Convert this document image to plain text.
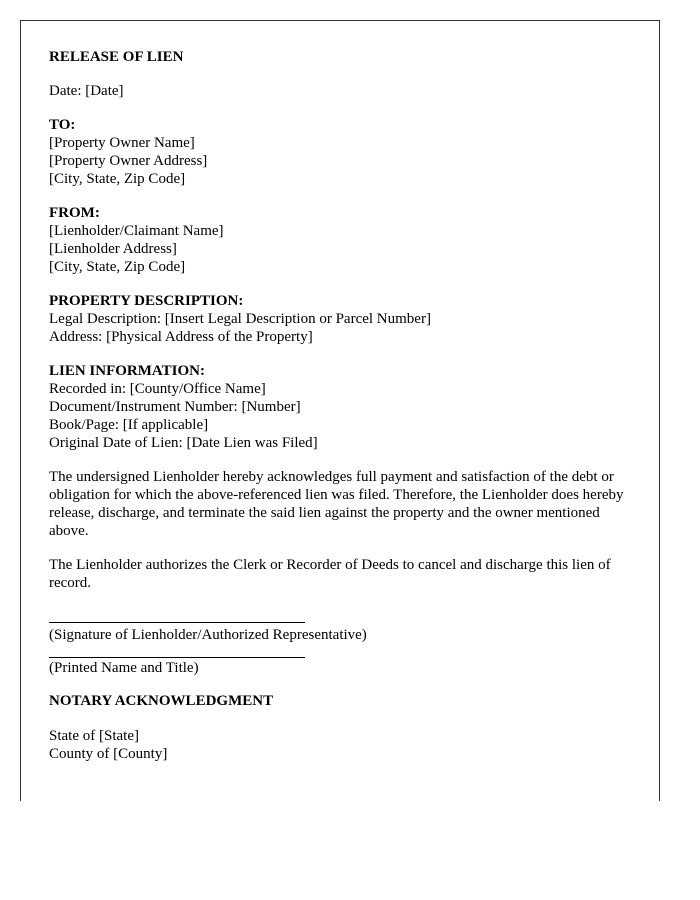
RELEASE OF LIEN
Date: [Date]
TO:
[Property Owner Name]
[Property Owner Address]
[City, State, Zip Code]
FROM:
[Lienholder/Claimant Name]
[Lienholder Address]
[City, State, Zip Code]
PROPERTY DESCRIPTION:
Legal Description: [Insert Legal Description or Parcel Number]
Address: [Physical Address of the Property]
LIEN INFORMATION:
Recorded in: [County/Office Name]
Document/Instrument Number: [Number]
Book/Page: [If applicable]
Original Date of Lien: [Date Lien was Filed]
The undersigned Lienholder hereby acknowledges full payment and satisfaction of the debt or obligation for which the above-referenced lien was filed. Therefore, the Lienholder does hereby release, discharge, and terminate the said lien against the property and the owner mentioned above.
The Lienholder authorizes the Clerk or Recorder of Deeds to cancel and discharge this lien of record.
(Signature of Lienholder/Authorized Representative)
(Printed Name and Title)
NOTARY ACKNOWLEDGMENT
State of [State]
County of [County]
